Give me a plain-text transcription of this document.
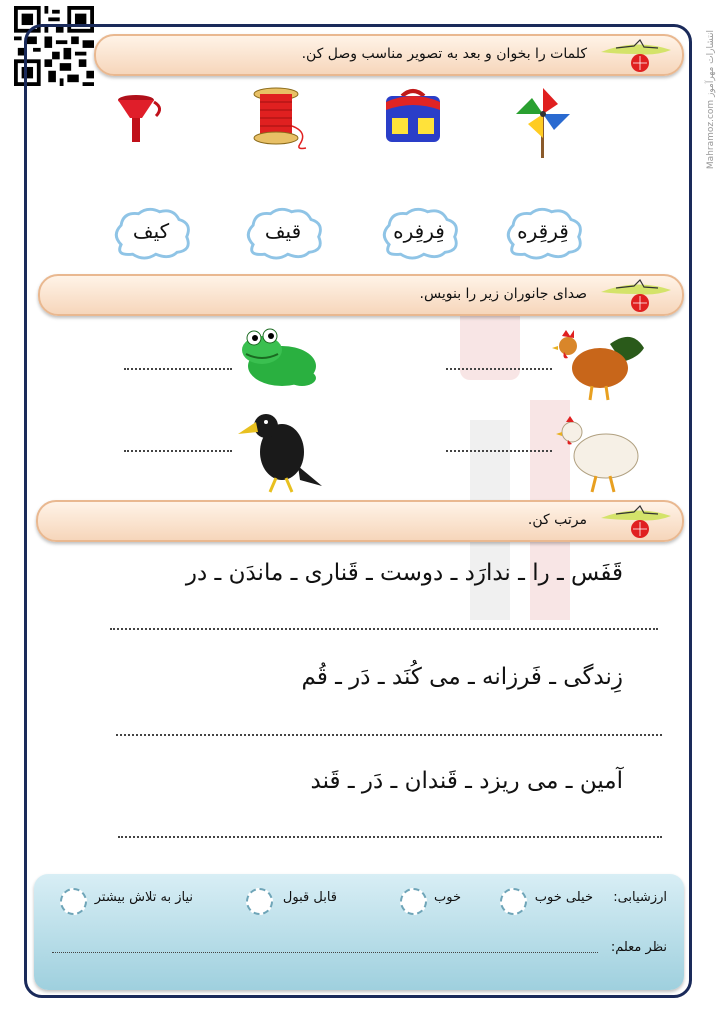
انتشارات مهرآموز Mahramoz.com
کلمات را بخوان و بعد به تصویر مناسب وصل کن.
قِرقِره
فِرفِره
قیف
کیف
صدای جانوران زیر را بنویس.
مرتب کن.
قَفَس ـ را ـ ندارَد ـ دوست ـ قَناری ـ ماندَن ـ در
زِندگی ـ فَرزانه ـ می کُنَد ـ دَر ـ قُم
آمین ـ می ریزد ـ قَندان ـ دَر ـ قَند
ارزشیابی:
خیلی خوب
خوب
قابل قبول
نیاز به تلاش بیشتر
نظر معلم:
